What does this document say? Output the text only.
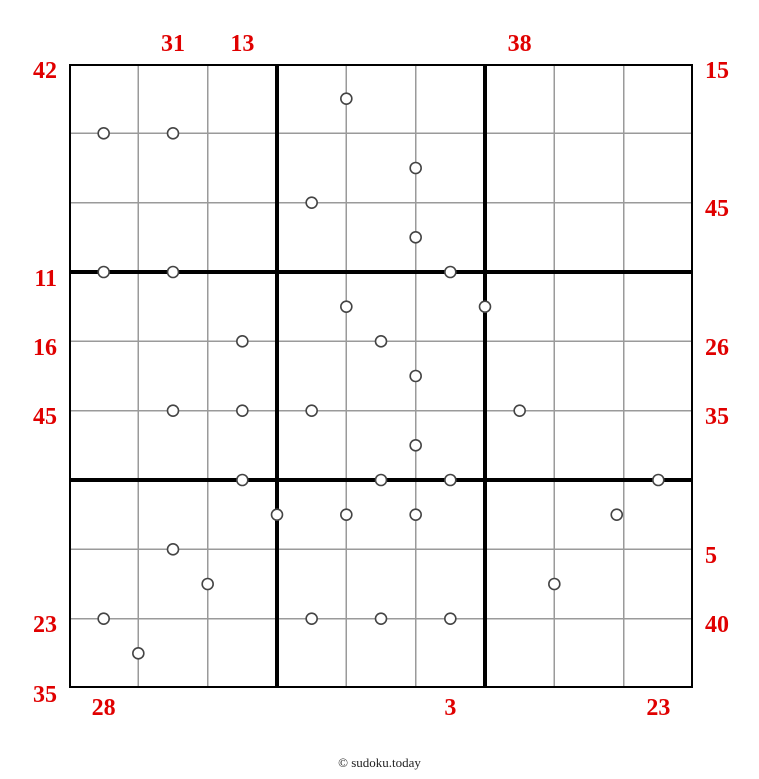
31 13	38
28	3	23
42
11
16
45
23
35
15
45
26
35
5
40
© sudoku.today
